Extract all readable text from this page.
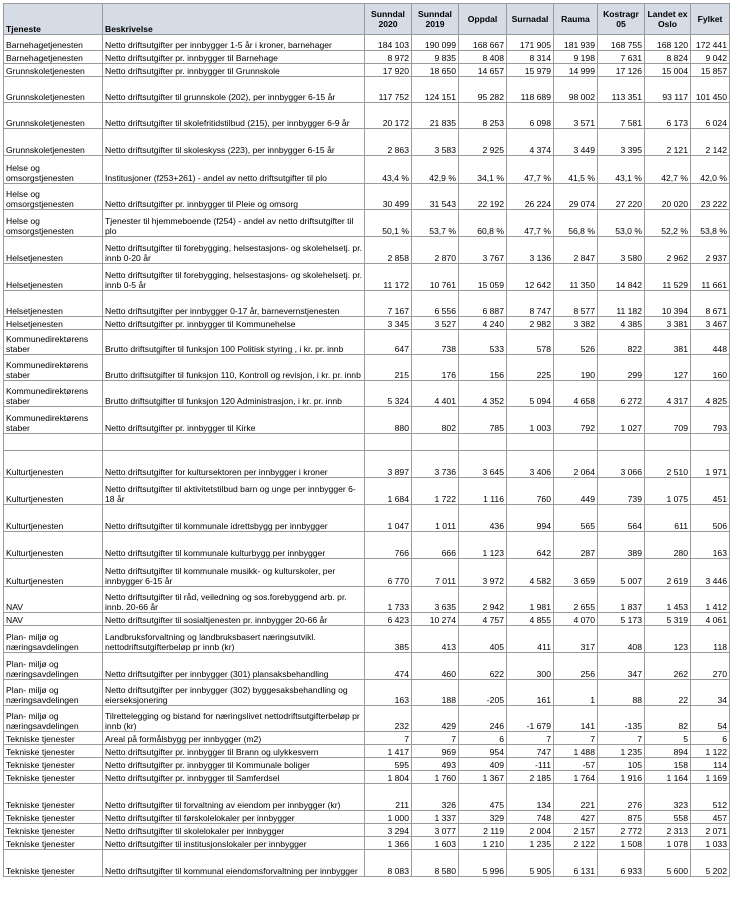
Tjeneste	Beskrivelse	Sunndal 2020	Sunndal 2019	Oppdal	Surnadal	Rauma	Kostragr 05	Landet ex Oslo	Fylket
Barnehagetjenesten	Netto driftsutgifter per innbygger 1-5 år i kroner, barnehager	184 103	190 099	168 667	171 905	181 939	168 755	168 120	172 441
Barnehagetjenesten	Netto driftsutgifter pr. innbygger til Barnehage	8 972	9 835	8 408	8 314	9 198	7 631	8 824	9 042
Grunnskoletjenesten	Netto driftsutgifter pr. innbygger til Grunnskole	17 920	18 650	14 657	15 979	14 999	17 126	15 004	15 857
Grunnskoletjenesten	Netto driftsutgifter til grunnskole (202), per innbygger 6-15 år	117 752	124 151	95 282	118 689	98 002	113 351	93 117	101 450
Grunnskoletjenesten	Netto driftsutgifter til skolefritidstilbud (215), per innbygger 6-9 år	20 172	21 835	8 253	6 098	3 571	7 581	6 173	6 024
Grunnskoletjenesten	Netto driftsutgifter til skoleskyss (223), per innbygger 6-15 år	2 863	3 583	2 925	4 374	3 449	3 395	2 121	2 142
Helse og omsorgstjenesten	Institusjoner (f253+261) - andel av netto driftsutgifter til plo	43,4 %	42,9 %	34,1 %	47,7 %	41,5 %	43,1 %	42,7 %	42,0 %
Helse og omsorgstjenesten	Netto driftsutgifter pr. innbygger til Pleie og omsorg	30 499	31 543	22 192	26 224	29 074	27 220	20 020	23 222
Helse og omsorgstjenesten	Tjenester til hjemmeboende (f254) - andel av netto driftsutgifter til plo	50,1 %	53,7 %	60,8 %	47,7 %	56,8 %	53,0 %	52,2 %	53,8 %
Helsetjenesten	Netto driftsutgifter til forebygging, helsestasjons- og skolehelsetj. pr. innb 0-20 år	2 858	2 870	3 767	3 136	2 847	3 580	2 962	2 937
Helsetjenesten	Netto driftsutgifter til forebygging, helsestasjons- og skolehelsetj. pr. innb 0-5 år	11 172	10 761	15 059	12 642	11 350	14 842	11 529	11 661
Helsetjenesten	Netto driftsutgifter per innbygger 0-17 år, barnevernstjenesten	7 167	6 556	6 887	8 747	8 577	11 182	10 394	8 671
Helsetjenesten	Netto driftsutgifter pr. innbygger til Kommunehelse	3 345	3 527	4 240	2 982	3 382	4 385	3 381	3 467
Kommunedirektørens staber	Brutto driftsutgifter til funksjon 100 Politisk styring , i kr. pr. innb	647	738	533	578	526	822	381	448
Kommunedirektørens staber	Brutto driftsutgifter til funksjon 110, Kontroll og revisjon, i kr. pr. innb	215	176	156	225	190	299	127	160
Kommunedirektørens staber	Brutto driftsutgifter til funksjon 120 Administrasjon, i kr. pr. innb	5 324	4 401	4 352	5 094	4 658	6 272	4 317	4 825
Kommunedirektørens staber	Netto driftsutgifter pr. innbygger til Kirke	880	802	785	1 003	792	1 027	709	793

Kulturtjenesten	Netto driftsutgifter for kultursektoren per innbygger i kroner	3 897	3 736	3 645	3 406	2 064	3 066	2 510	1 971
Kulturtjenesten	Netto driftsutgifter til aktivitetstilbud barn og unge per innbygger 6-18 år	1 684	1 722	1 116	760	449	739	1 075	451
Kulturtjenesten	Netto driftsutgifter til kommunale idrettsbygg per innbygger	1 047	1 011	436	994	565	564	611	506
Kulturtjenesten	Netto driftsutgifter til kommunale kulturbygg per innbygger	766	666	1 123	642	287	389	280	163
Kulturtjenesten	Netto driftsutgifter til kommunale musikk- og kulturskoler, per innbygger 6-15 år	6 770	7 011	3 972	4 582	3 659	5 007	2 619	3 446
NAV	Netto driftsutgifter til råd, veiledning og sos.forebyggend arb. pr. innb. 20-66 år	1 733	3 635	2 942	1 981	2 655	1 837	1 453	1 412
NAV	Netto driftsutgifter til sosialtjenesten pr. innbygger 20-66 år	6 423	10 274	4 757	4 855	4 070	5 173	5 319	4 061
Plan- miljø og næringsavdelingen	Landbruksforvaltning og landbruksbasert næringsutvikl. nettodriftsutgifterbeløp pr innb (kr)	385	413	405	411	317	408	123	118
Plan- miljø og næringsavdelingen	Netto driftsutgifter per innbygger (301) plansaksbehandling	474	460	622	300	256	347	262	270
Plan- miljø og næringsavdelingen	Netto driftsutgifter per innbygger (302) byggesaksbehandling og eierseksjonering	163	188	-205	161	1	88	22	34
Plan- miljø og næringsavdelingen	Tilrettelegging og bistand for næringslivet nettodriftsutgifterbeløp pr innb (kr)	232	429	246	-1 679	141	-135	82	54
Tekniske tjenester	Areal på formålsbygg per innbygger (m2)	7	7	6	7	7	7	5	6
Tekniske tjenester	Netto driftsutgifter pr. innbygger til Brann og ulykkesvern	1 417	969	954	747	1 488	1 235	894	1 122
Tekniske tjenester	Netto driftsutgifter pr. innbygger til Kommunale boliger	595	493	409	-111	-57	105	158	114
Tekniske tjenester	Netto driftsutgifter pr. innbygger til Samferdsel	1 804	1 760	1 367	2 185	1 764	1 916	1 164	1 169
Tekniske tjenester	Netto driftsutgifter til forvaltning av eiendom per innbygger (kr)	211	326	475	134	221	276	323	512
Tekniske tjenester	Netto driftsutgifter til førskolelokaler per innbygger	1 000	1 337	329	748	427	875	558	457
Tekniske tjenester	Netto driftsutgifter til skolelokaler per innbygger	3 294	3 077	2 119	2 004	2 157	2 772	2 313	2 071
Tekniske tjenester	Netto driftsutgifter til institusjonslokaler per innbygger	1 366	1 603	1 210	1 235	2 122	1 508	1 078	1 033
Tekniske tjenester	Netto driftsutgifter til kommunal eiendomsforvaltning per innbygger	8 083	8 580	5 996	5 905	6 131	6 933	5 600	5 202
